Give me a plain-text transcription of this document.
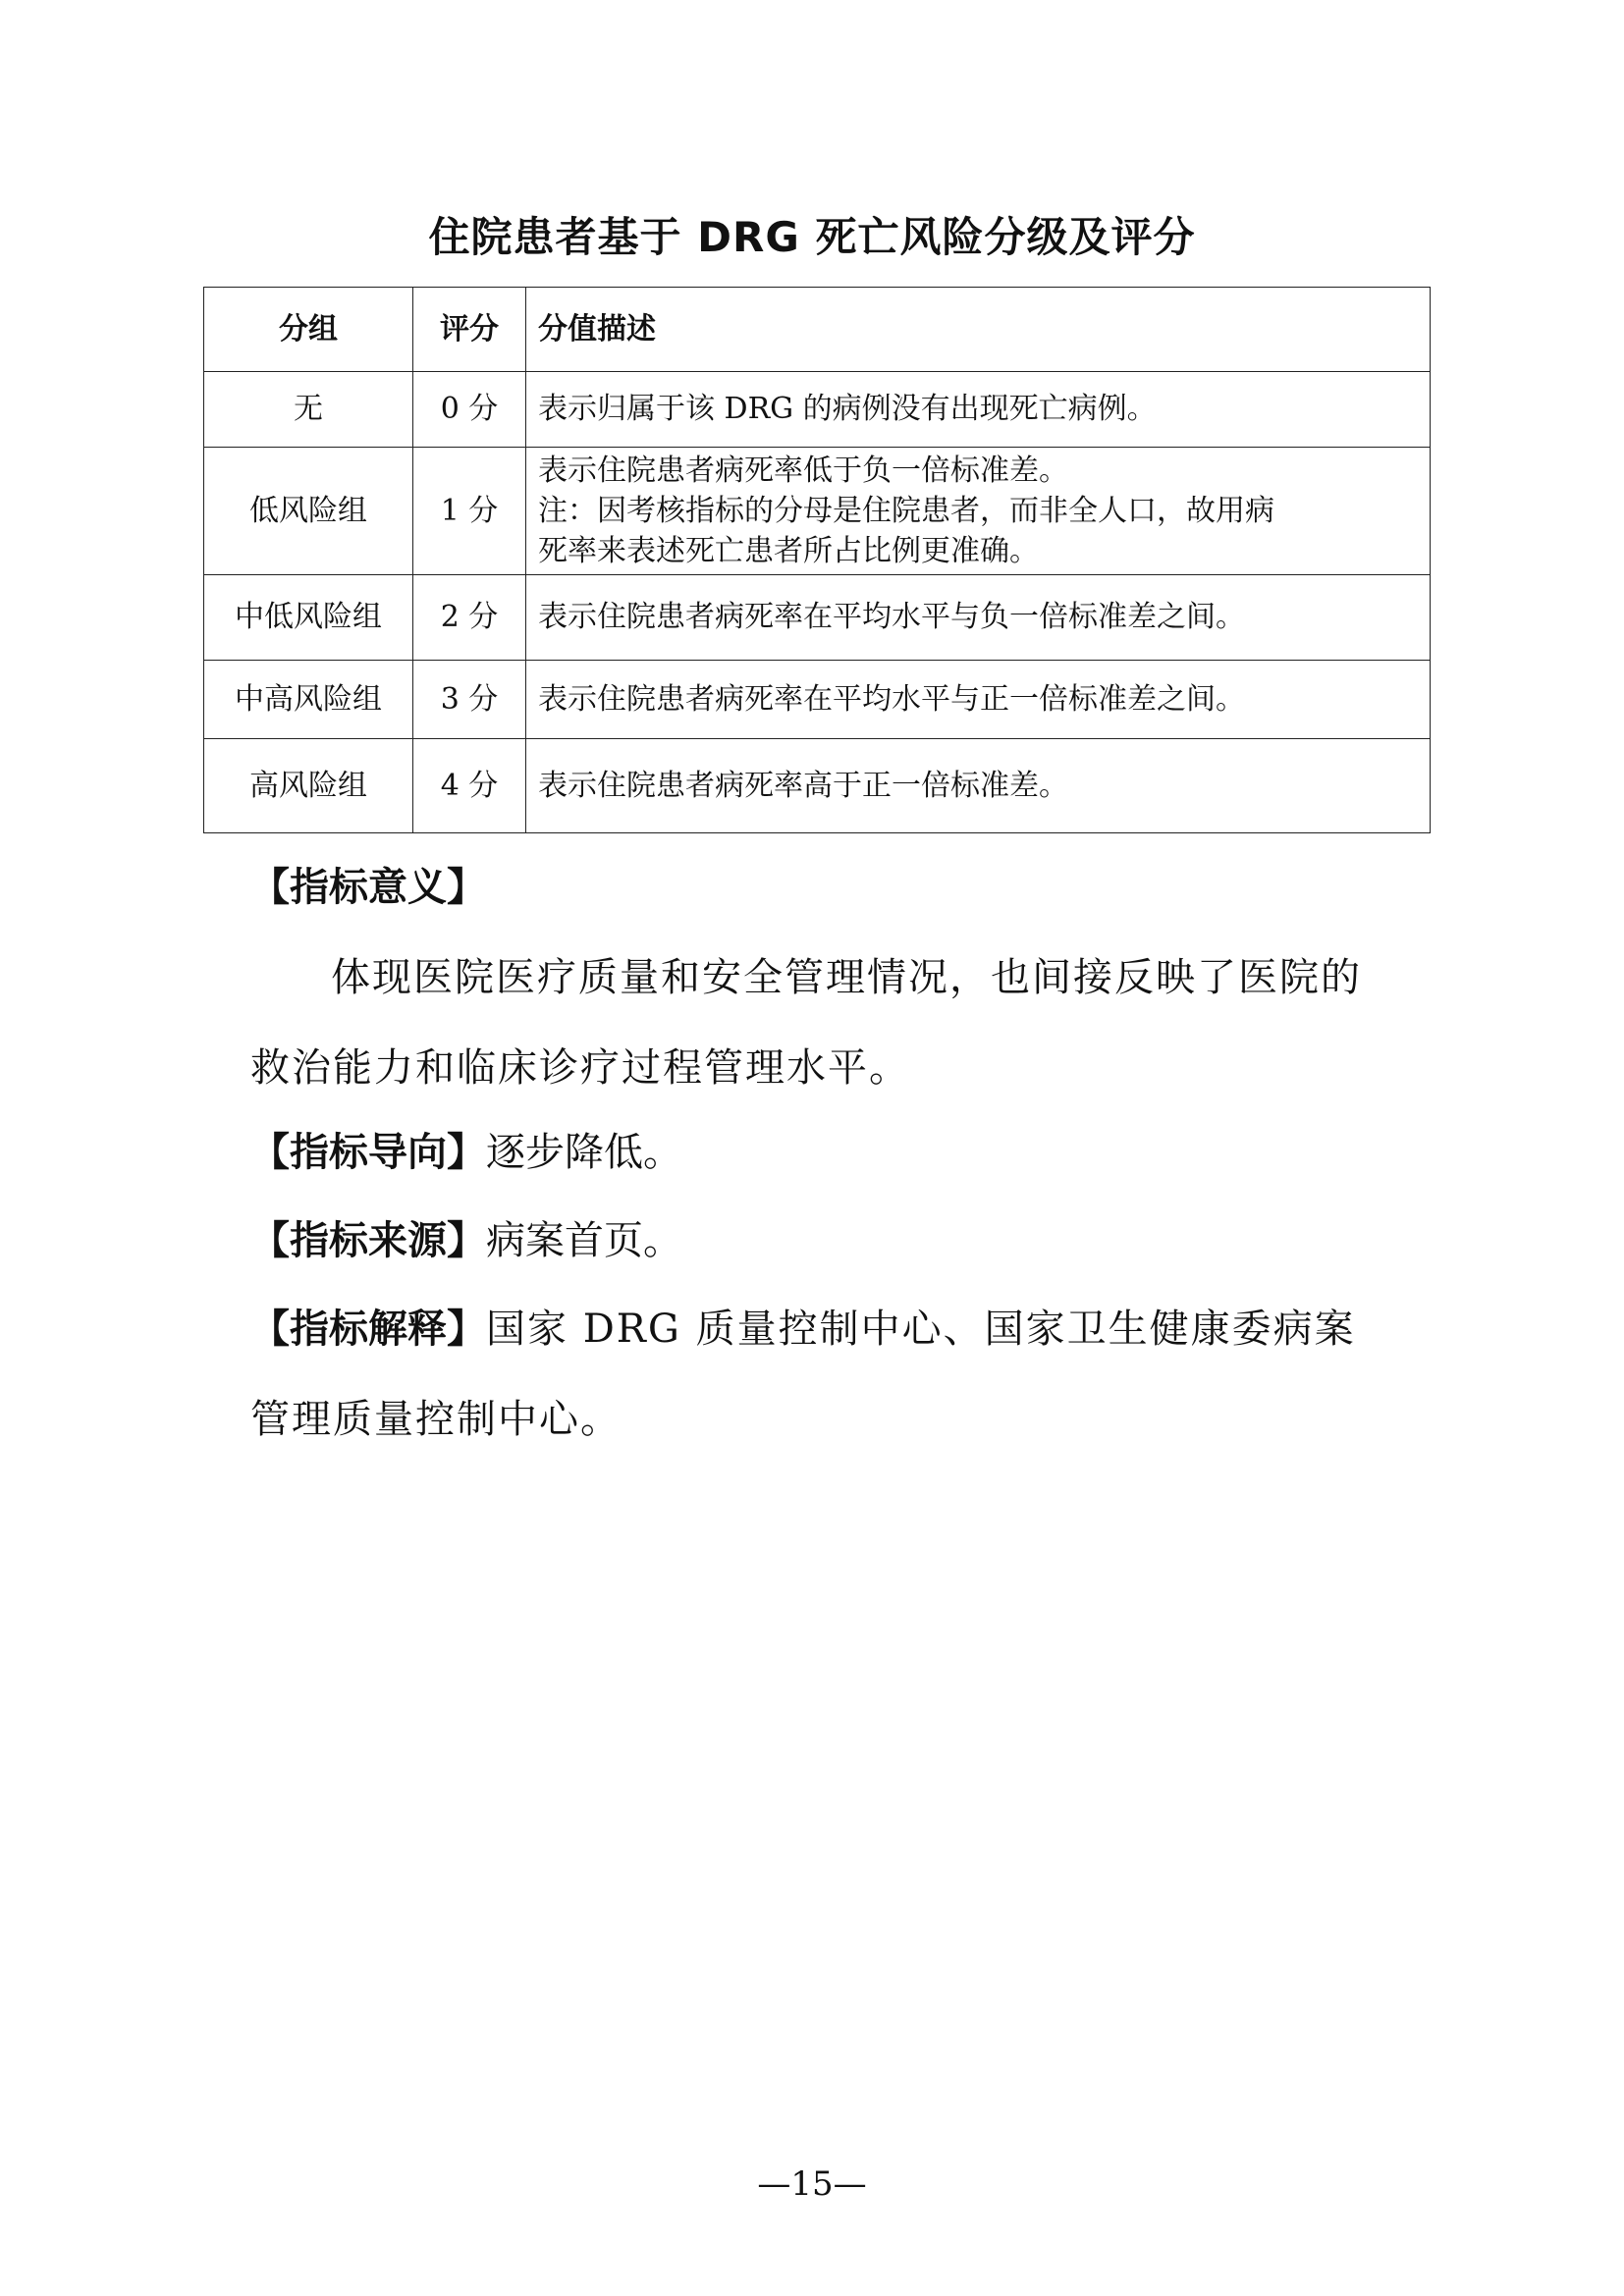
住院患者基于 DRG 死亡风险分级及评分
分组	评分	分值描述
无	0 分	表示归属于该 DRG 的病例没有出现死亡病例。

低风险组	1 分	表示住院患者病死率低于负一倍标准差。
注：因考核指标的分母是住院患者，而非全人口，故用病
死率来表述死亡患者所占比例更准确。

中低风险组	2 分	表示住院患者病死率在平均水平与负一倍标准差之间。

中高风险组	3 分	表示住院患者病死率在平均水平与正一倍标准差之间。

高风险组	4 分	表示住院患者病死率高于正一倍标准差。
【指标意义】
体现医院医疗质量和安全管理情况，也间接反映了医院的救治能力和临床诊疗过程管理水平。
【指标导向】逐步降低。
【指标来源】病案首页。
【指标解释】国家 DRG 质量控制中心、国家卫生健康委病案管理质量控制中心。
—15—
